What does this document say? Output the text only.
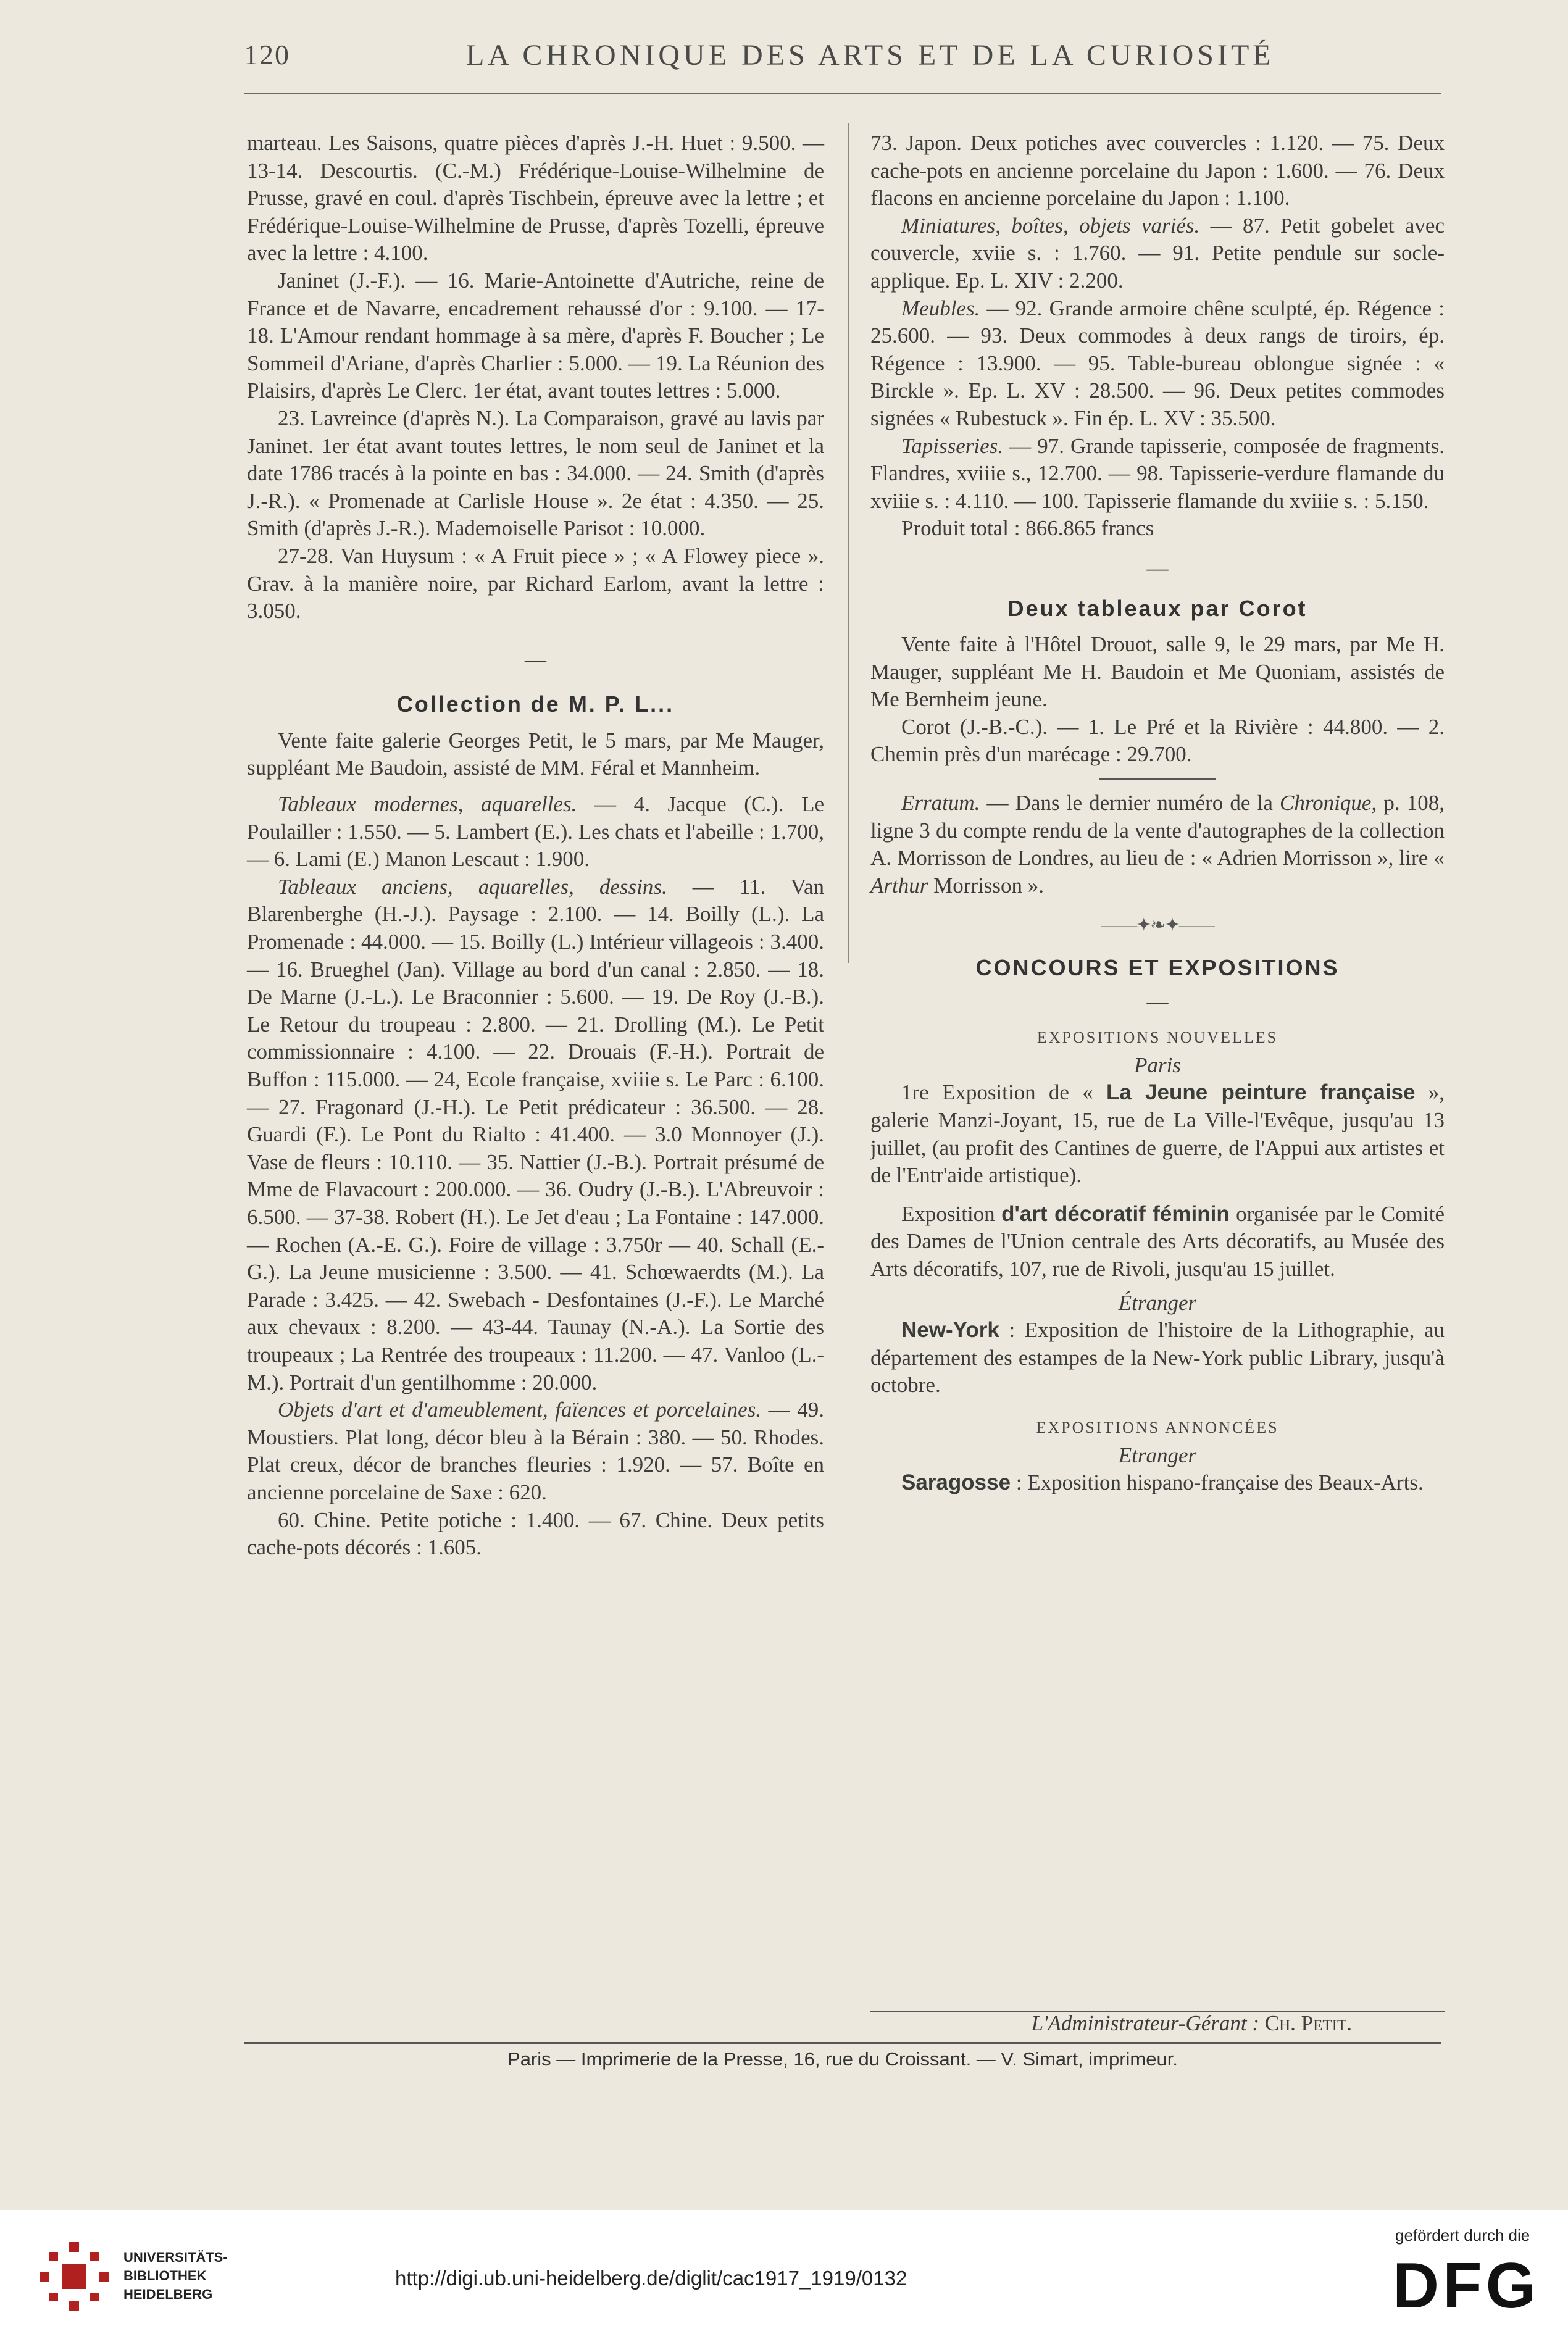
120	LA CHRONIQUE DES ARTS ET DE LA CURIOSITÉ

marteau. Les Saisons, quatre pièces d'après J.-H. Huet : 9.500. — 13-14. Descourtis. (C.-M.) Frédérique-Louise-Wilhelmine de Prusse, gravé en coul. d'après Tischbein, épreuve avec la lettre ; et Frédérique-Louise-Wilhelmine de Prusse, d'après Tozelli, épreuve avec la lettre : 4.100.

Janinet (J.-F.). — 16. Marie-Antoinette d'Autriche, reine de France et de Navarre, encadrement rehaussé d'or : 9.100. — 17-18. L'Amour rendant hommage à sa mère, d'après F. Boucher ; Le Sommeil d'Ariane, d'après Charlier : 5.000. — 19. La Réunion des Plaisirs, d'après Le Clerc. 1er état, avant toutes lettres : 5.000.

23. Lavreince (d'après N.). La Comparaison, gravé au lavis par Janinet. 1er état avant toutes lettres, le nom seul de Janinet et la date 1786 tracés à la pointe en bas : 34.000. — 24. Smith (d'après J.-R.). « Promenade at Carlisle House ». 2e état : 4.350. — 25. Smith (d'après J.-R.). Mademoiselle Parisot : 10.000.

27-28. Van Huysum : « A Fruit piece » ; « A Flowey piece ». Grav. à la manière noire, par Richard Earlom, avant la lettre : 3.050.

—

Collection de M. P. L...

Vente faite galerie Georges Petit, le 5 mars, par Me Mauger, suppléant Me Baudoin, assisté de MM. Féral et Mannheim.

Tableaux modernes, aquarelles. — 4. Jacque (C.). Le Poulailler : 1.550. — 5. Lambert (E.). Les chats et l'abeille : 1.700, — 6. Lami (E.) Manon Lescaut : 1.900.

Tableaux anciens, aquarelles, dessins. — 11. Van Blarenberghe (H.-J.). Paysage : 2.100. — 14. Boilly (L.). La Promenade : 44.000. — 15. Boilly (L.) Intérieur villageois : 3.400. — 16. Brueghel (Jan). Village au bord d'un canal : 2.850. — 18. De Marne (J.-L.). Le Braconnier : 5.600. — 19. De Roy (J.-B.). Le Retour du troupeau : 2.800. — 21. Drolling (M.). Le Petit commissionnaire : 4.100. — 22. Drouais (F.-H.). Portrait de Buffon : 115.000. — 24, Ecole française, xviiie s. Le Parc : 6.100. — 27. Fragonard (J.-H.). Le Petit prédicateur : 36.500. — 28. Guardi (F.). Le Pont du Rialto : 41.400. — 3.0 Monnoyer (J.). Vase de fleurs : 10.110. — 35. Nattier (J.-B.). Portrait présumé de Mme de Flavacourt : 200.000. — 36. Oudry (J.-B.). L'Abreuvoir : 6.500. — 37-38. Robert (H.). Le Jet d'eau ; La Fontaine : 147.000. — Rochen (A.-E. G.). Foire de village : 3.750r — 40. Schall (E.-G.). La Jeune musicienne : 3.500. — 41. Schœwaerdts (M.). La Parade : 3.425. — 42. Swebach - Desfontaines (J.-F.). Le Marché aux chevaux : 8.200. — 43-44. Taunay (N.-A.). La Sortie des troupeaux ; La Rentrée des troupeaux : 11.200. — 47. Vanloo (L.-M.). Portrait d'un gentilhomme : 20.000.

Objets d'art et d'ameublement, faïences et porcelaines. — 49. Moustiers. Plat long, décor bleu à la Bérain : 380. — 50. Rhodes. Plat creux, décor de branches fleuries : 1.920. — 57. Boîte en ancienne porcelaine de Saxe : 620.

60. Chine. Petite potiche : 1.400. — 67. Chine. Deux petits cache-pots décorés : 1.605.

73. Japon. Deux potiches avec couvercles : 1.120. — 75. Deux cache-pots en ancienne porcelaine du Japon : 1.600. — 76. Deux flacons en ancienne porcelaine du Japon : 1.100.

Miniatures, boîtes, objets variés. — 87. Petit gobelet avec couvercle, xviie s. : 1.760. — 91. Petite pendule sur socle-applique. Ep. L. XIV : 2.200.

Meubles. — 92. Grande armoire chêne sculpté, ép. Régence : 25.600. — 93. Deux commodes à deux rangs de tiroirs, ép. Régence : 13.900. — 95. Table-bureau oblongue signée : « Birckle ». Ep. L. XV : 28.500. — 96. Deux petites commodes signées « Rubestuck ». Fin ép. L. XV : 35.500.

Tapisseries. — 97. Grande tapisserie, composée de fragments. Flandres, xviiie s., 12.700. — 98. Tapisserie-verdure flamande du xviiie s. : 4.110. — 100. Tapisserie flamande du xviiie s. : 5.150.

Produit total : 866.865 francs

—

Deux tableaux par Corot

Vente faite à l'Hôtel Drouot, salle 9, le 29 mars, par Me H. Mauger, suppléant Me H. Baudoin et Me Quoniam, assistés de Me Bernheim jeune.

Corot (J.-B.-C.). — 1. Le Pré et la Rivière : 44.800. — 2. Chemin près d'un marécage : 29.700.

Erratum. — Dans le dernier numéro de la Chronique, p. 108, ligne 3 du compte rendu de la vente d'autographes de la collection A. Morrisson de Londres, au lieu de : « Adrien Morrisson », lire « Arthur Morrisson ».

——✦❧✦——

CONCOURS ET EXPOSITIONS

—

EXPOSITIONS NOUVELLES

Paris

1re Exposition de « La Jeune peinture française », galerie Manzi-Joyant, 15, rue de La Ville-l'Evêque, jusqu'au 13 juillet, (au profit des Cantines de guerre, de l'Appui aux artistes et de l'Entr'aide artistique).

Exposition d'art décoratif féminin organisée par le Comité des Dames de l'Union centrale des Arts décoratifs, au Musée des Arts décoratifs, 107, rue de Rivoli, jusqu'au 15 juillet.

Étranger

New-York : Exposition de l'histoire de la Lithographie, au département des estampes de la New-York public Library, jusqu'à octobre.

EXPOSITIONS ANNONCÉES

Etranger

Saragosse : Exposition hispano-française des Beaux-Arts.

L'Administrateur-Gérant : Ch. Petit.
Paris — Imprimerie de la Presse, 16, rue du Croissant. — V. Simart, imprimeur.
UNIVERSITÄTS-
BIBLIOTHEK
HEIDELBERG
http://digi.ub.uni-heidelberg.de/diglit/cac1917_1919/0132
gefördert durch die
DFG
